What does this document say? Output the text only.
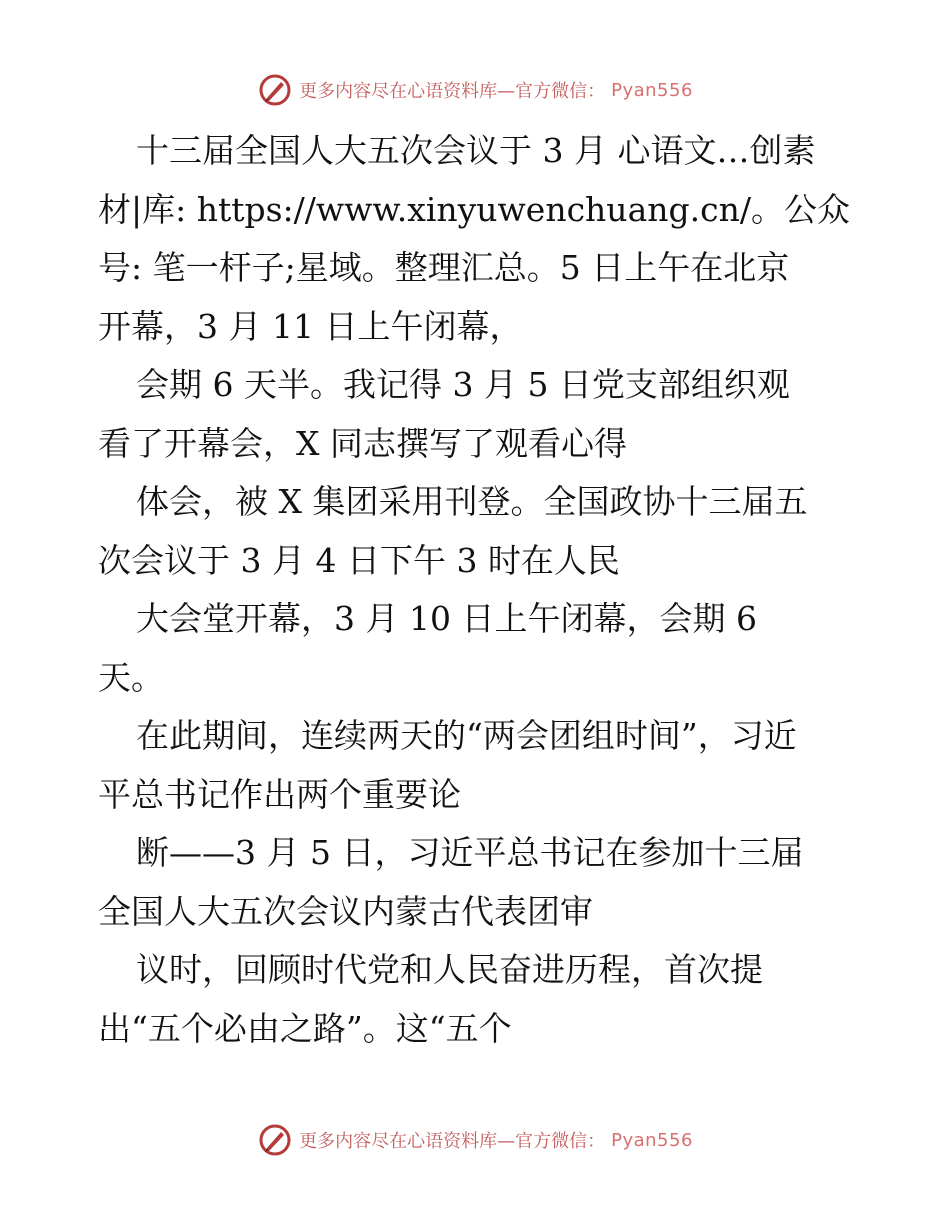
更多内容尽在心语资料库—官方微信： Pyan556

十三届全国人大五次会议于 3 月 心语文…创素

材|库: https://www.xinyuwenchuang.cn/。公众

号: 笔一杆子;星域。整理汇总。5 日上午在北京

开幕，3 月 11 日上午闭幕，

会期 6 天半。我记得 3 月 5 日党支部组织观

看了开幕会，X 同志撰写了观看心得

体会，被 X 集团采用刊登。全国政协十三届五

次会议于 3 月 4 日下午 3 时在人民

大会堂开幕，3 月 10 日上午闭幕，会期 6

天。

在此期间，连续两天的“两会团组时间”，习近

平总书记作出两个重要论

断——3 月 5 日，习近平总书记在参加十三届

全国人大五次会议内蒙古代表团审

议时，回顾时代党和人民奋进历程，首次提

出“五个必由之路”。这“五个

更多内容尽在心语资料库—官方微信： Pyan556
